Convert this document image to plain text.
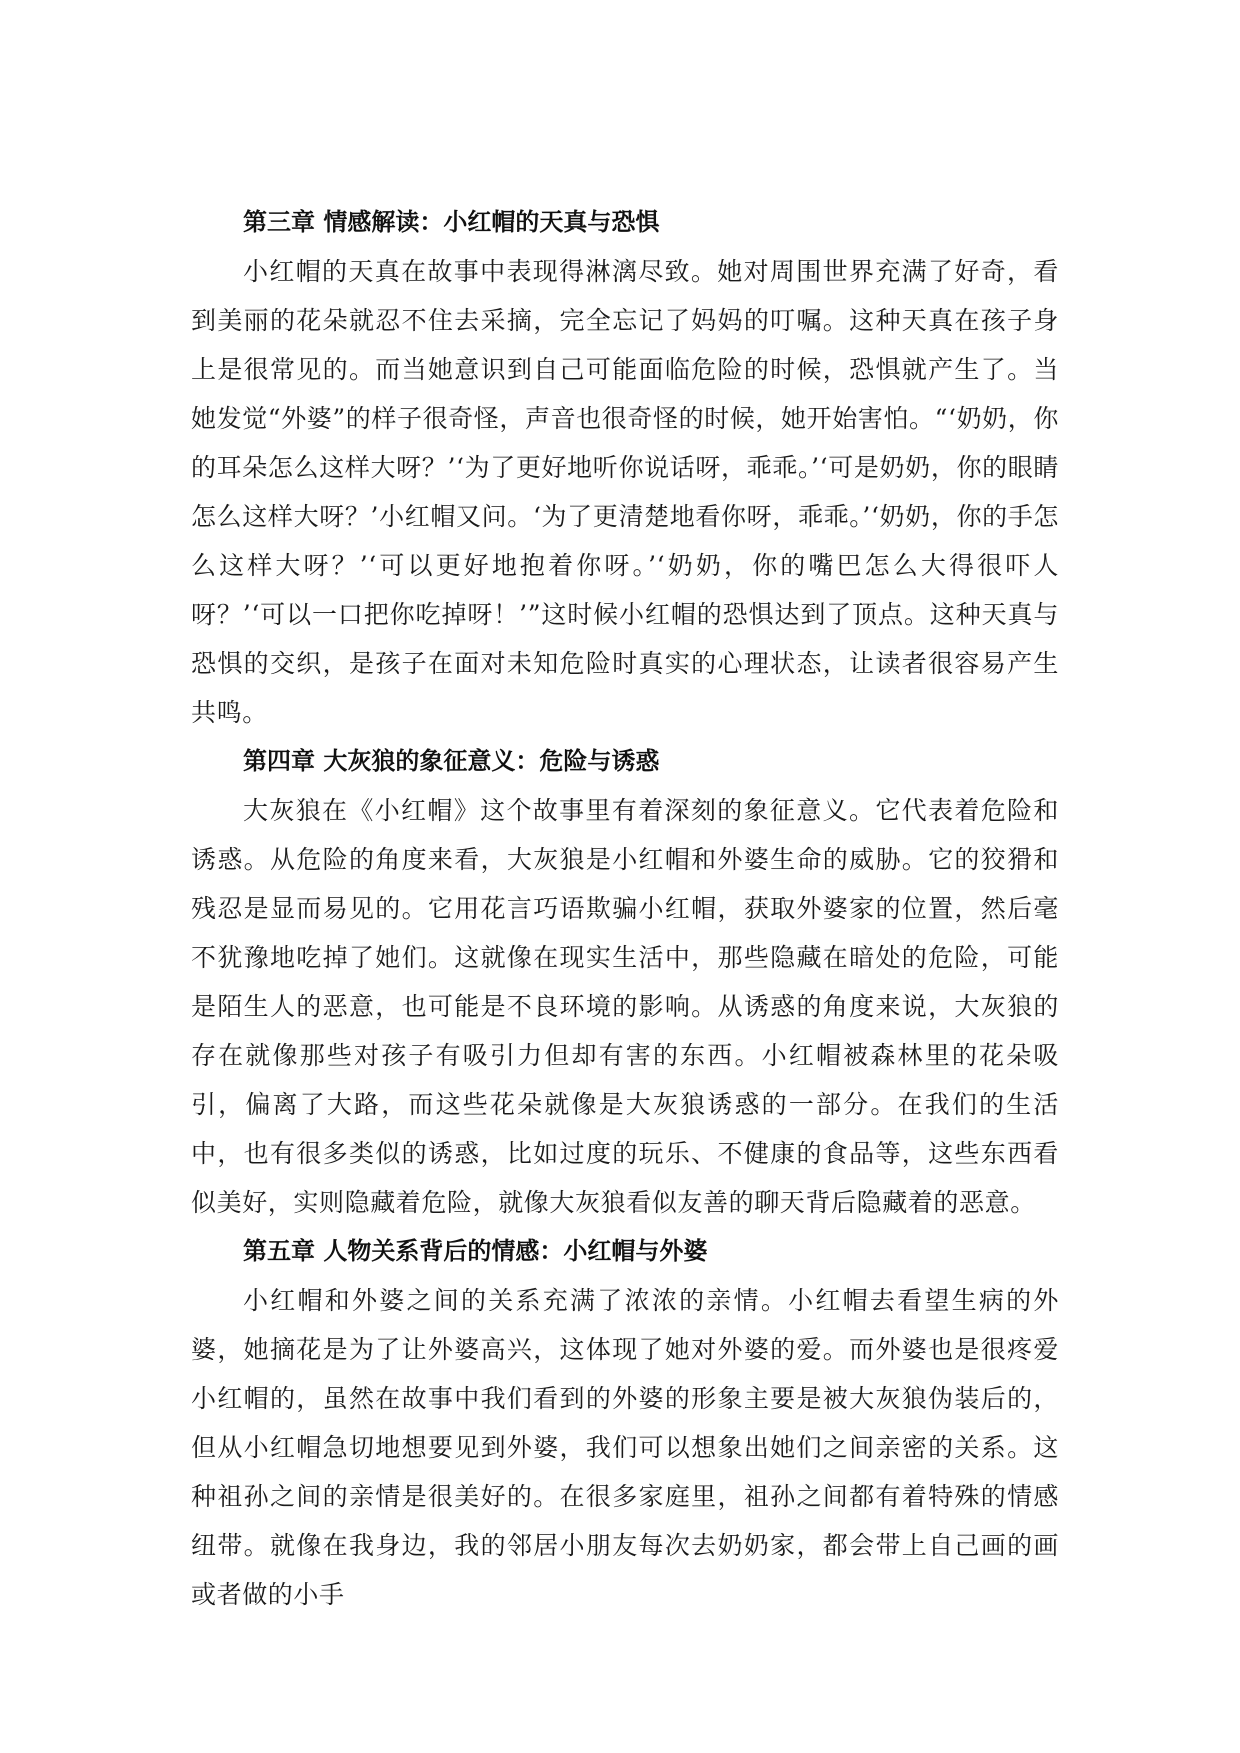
第三章 情感解读：小红帽的天真与恐惧

小红帽的天真在故事中表现得淋漓尽致。她对周围世界充满了好奇，看到美丽的花朵就忍不住去采摘，完全忘记了妈妈的叮嘱。这种天真在孩子身上是很常见的。而当她意识到自己可能面临危险的时候，恐惧就产生了。当她发觉“外婆”的样子很奇怪，声音也很奇怪的时候，她开始害怕。“‘奶奶，你的耳朵怎么这样大呀？’‘为了更好地听你说话呀，乖乖。’‘可是奶奶，你的眼睛怎么这样大呀？’小红帽又问。‘为了更清楚地看你呀，乖乖。’‘奶奶，你的手怎么这样大呀？’‘可以更好地抱着你呀。’‘奶奶，你的嘴巴怎么大得很吓人呀？’‘可以一口把你吃掉呀！’”这时候小红帽的恐惧达到了顶点。这种天真与恐惧的交织，是孩子在面对未知危险时真实的心理状态，让读者很容易产生共鸣。

第四章 大灰狼的象征意义：危险与诱惑

大灰狼在《小红帽》这个故事里有着深刻的象征意义。它代表着危险和诱惑。从危险的角度来看，大灰狼是小红帽和外婆生命的威胁。它的狡猾和残忍是显而易见的。它用花言巧语欺骗小红帽，获取外婆家的位置，然后毫不犹豫地吃掉了她们。这就像在现实生活中，那些隐藏在暗处的危险，可能是陌生人的恶意，也可能是不良环境的影响。从诱惑的角度来说，大灰狼的存在就像那些对孩子有吸引力但却有害的东西。小红帽被森林里的花朵吸引，偏离了大路，而这些花朵就像是大灰狼诱惑的一部分。在我们的生活中，也有很多类似的诱惑，比如过度的玩乐、不健康的食品等，这些东西看似美好，实则隐藏着危险，就像大灰狼看似友善的聊天背后隐藏着的恶意。

第五章 人物关系背后的情感：小红帽与外婆

小红帽和外婆之间的关系充满了浓浓的亲情。小红帽去看望生病的外婆，她摘花是为了让外婆高兴，这体现了她对外婆的爱。而外婆也是很疼爱小红帽的，虽然在故事中我们看到的外婆的形象主要是被大灰狼伪装后的，但从小红帽急切地想要见到外婆，我们可以想象出她们之间亲密的关系。这种祖孙之间的亲情是很美好的。在很多家庭里，祖孙之间都有着特殊的情感纽带。就像在我身边，我的邻居小朋友每次去奶奶家，都会带上自己画的画或者做的小手
